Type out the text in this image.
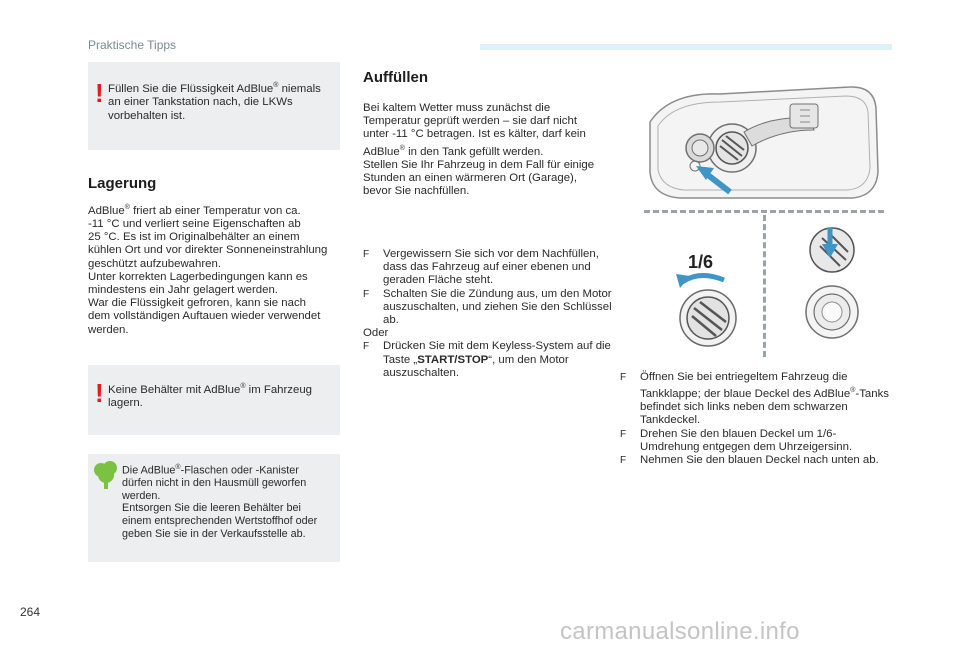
Praktische Tipps
! Füllen Sie die Flüssigkeit AdBlue® niemals
an einer Tankstation nach, die LKWs
vorbehalten ist.
Lagerung
AdBlue® friert ab einer Temperatur von ca.
-11 °C und verliert seine Eigenschaften ab
25 °C. Es ist im Originalbehälter an einem
kühlen Ort und vor direkter Sonneneinstrahlung
geschützt aufzubewahren.
Unter korrekten Lagerbedingungen kann es
mindestens ein Jahr gelagert werden.
War die Flüssigkeit gefroren, kann sie nach
dem vollständigen Auftauen wieder verwendet
werden.
! Keine Behälter mit AdBlue® im Fahrzeug
lagern.
Die AdBlue®-Flaschen oder -Kanister
dürfen nicht in den Hausmüll geworfen
werden.
Entsorgen Sie die leeren Behälter bei
einem entsprechenden Wertstoffhof oder
geben Sie sie in der Verkaufsstelle ab.
Auffüllen
Bei kaltem Wetter muss zunächst die
Temperatur geprüft werden – sie darf nicht
unter -11 °C betragen. Ist es kälter, darf kein
AdBlue® in den Tank gefüllt werden.
Stellen Sie Ihr Fahrzeug in dem Fall für einige
Stunden an einen wärmeren Ort (Garage),
bevor Sie nachfüllen.
F Vergewissern Sie sich vor dem Nachfüllen, dass das Fahrzeug auf einer ebenen und geraden Fläche steht.
F Schalten Sie die Zündung aus, um den Motor auszuschalten, und ziehen Sie den Schlüssel ab.
Oder
F Drücken Sie mit dem Keyless-System auf die Taste „START/STOP“, um den Motor auszuschalten.
1/6
F Öffnen Sie bei entriegeltem Fahrzeug die Tankklappe; der blaue Deckel des AdBlue®-Tanks befindet sich links neben dem schwarzen Tankdeckel.
F Drehen Sie den blauen Deckel um 1/6-Umdrehung entgegen dem Uhrzeigersinn.
F Nehmen Sie den blauen Deckel nach unten ab.
264
carmanualsonline.info
